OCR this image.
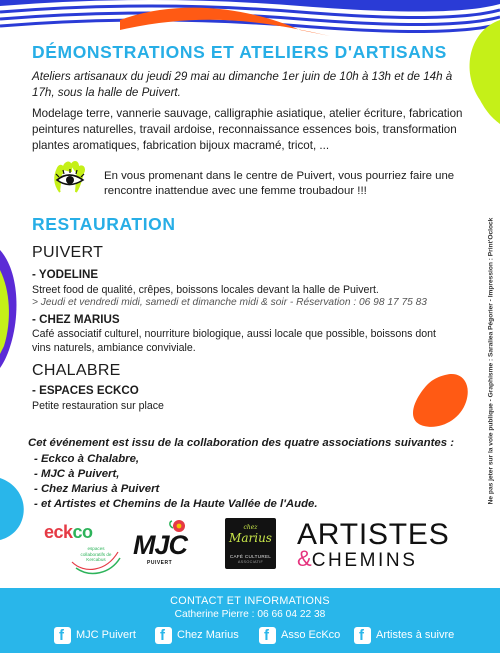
DÉMONSTRATIONS ET ATELIERS D'ARTISANS
Ateliers artisanaux du jeudi 29 mai au dimanche 1er juin de 10h à 13h et de 14h à 17h, sous la halle de Puivert.
Modelage terre, vannerie sauvage, calligraphie asiatique, atelier écriture, fabrication peintures naturelles, travail ardoise, reconnaissance essences bois, transformation plantes aromatiques, fabrication bijoux macramé, tricot, ...
En vous promenant dans le centre de Puivert, vous pourriez faire une rencontre inattendue avec une femme troubadour !!!
RESTAURATION
PUIVERT
- YODELINE
Street food de qualité, crêpes, boissons locales devant la halle de Puivert.
> Jeudi et vendredi midi, samedi et dimanche midi & soir - Réservation : 06 98 17 75 83
- CHEZ MARIUS
Café associatif culturel, nourriture biologique, aussi locale que possible, boissons dont vins naturels, ambiance conviviale.
CHALABRE
- ESPACES ECKCO
Petite restauration sur place
Cet événement est issu de la collaboration des quatre associations suivantes :
- Eckco à Chalabre,
- MJC à Puivert,
- Chez Marius à Puivert
- et Artistes et Chemins de la Haute Vallée de l'Aude.	Ne pas jeter sur la voie publique - Graphisme : Saraliea Pégorier - Impression : Print'Oclock
eckco
espaces collaboratifs de Kercabus	MJC
PUIVERT
chez
Marius
CAFÉ CULTUREL
ASSOCIATIF
ARTISTES
&CHEMINS
CONTACT ET INFORMATIONS
Catherine Pierre : 06 66 04 22 38
f
MJC Puivert f	Chez Marius f	Asso EcKco f	Artistes à suivre
